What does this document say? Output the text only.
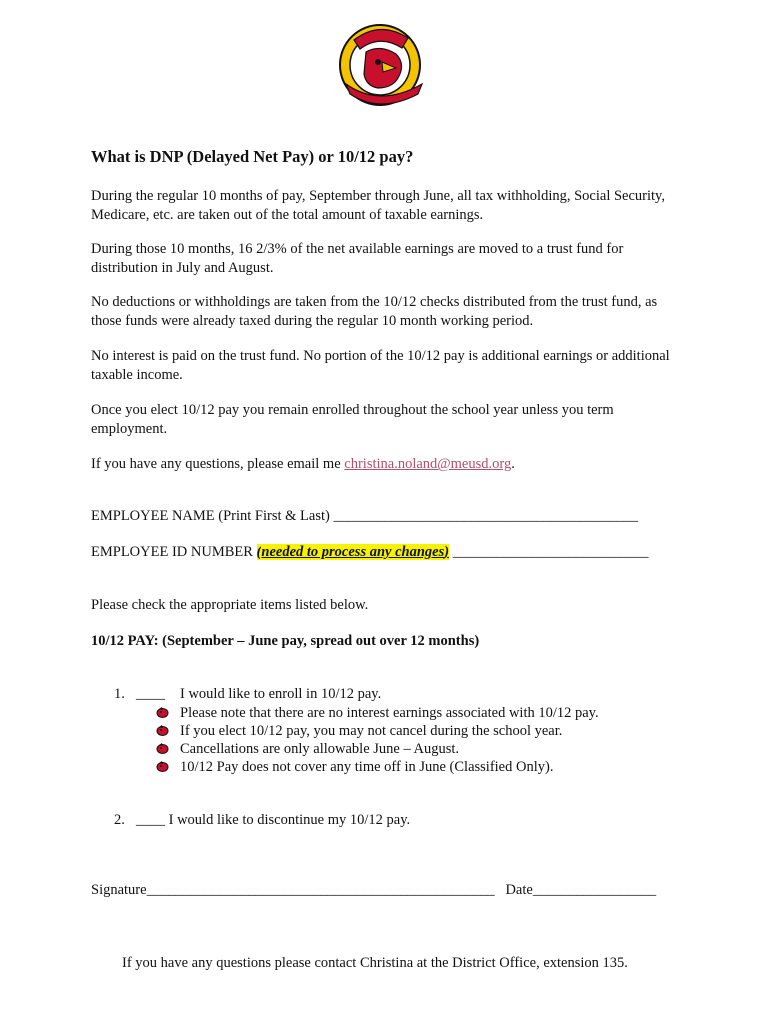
What is DNP (Delayed Net Pay) or 10/12 pay?

During the regular 10 months of pay, September through June, all tax withholding, Social Security, Medicare, etc. are taken out of the total amount of taxable earnings.

During those 10 months, 16 2/3% of the net available earnings are moved to a trust fund for distribution in July and August.

No deductions or withholdings are taken from the 10/12 checks distributed from the trust fund, as those funds were already taxed during the regular 10 month working period.

No interest is paid on the trust fund. No portion of the 10/12 pay is additional earnings or additional taxable income.

Once you elect 10/12 pay you remain enrolled throughout the school year unless you term employment.

If you have any questions, please email me christina.noland@meusd.org.

EMPLOYEE NAME (Print First & Last) __________________________________________

EMPLOYEE ID NUMBER (needed to process any changes) ___________________________

Please check the appropriate items listed below.

10/12 PAY: (September – June pay, spread out over 12 months)

1. ____ I would like to enroll in 10/12 pay.

Please note that there are no interest earnings associated with 10/12 pay.
If you elect 10/12 pay, you may not cancel during the school year.
Cancellations are only allowable June – August.
10/12 Pay does not cover any time off in June (Classified Only).

2. ____ I would like to discontinue my 10/12 pay.

Signature________________________________________________ Date_________________

If you have any questions please contact Christina at the District Office, extension 135.
